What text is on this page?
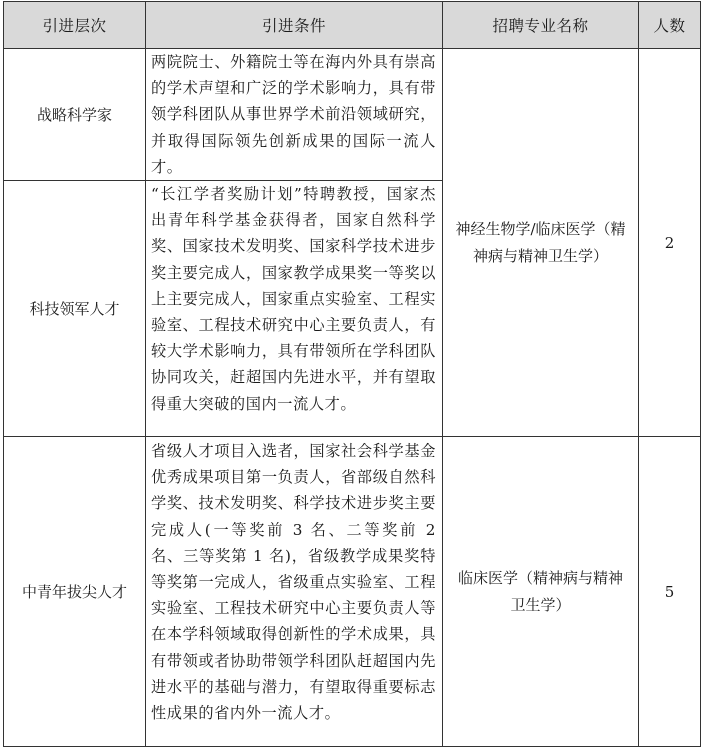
引进层次	引进条件	招聘专业名称	人数
战略科学家	两院院士、外籍院士等在海内外具有崇高的学术声望和广泛的学术影响力，具有带领学科团队从事世界学术前沿领域研究，并取得国际领先创新成果的国际一流人才。	神经生物学/临床医学（精神病与精神卫生学）	2
科技领军人才	“长江学者奖励计划”特聘教授，国家杰出青年科学基金获得者，国家自然科学奖、国家技术发明奖、国家科学技术进步奖主要完成人，国家教学成果奖一等奖以上主要完成人，国家重点实验室、工程实验室、工程技术研究中心主要负责人，有较大学术影响力，具有带领所在学科团队协同攻关，赶超国内先进水平，并有望取得重大突破的国内一流人才。		

中青年拔尖人才	省级人才项目入选者，国家社会科学基金优秀成果项目第一负责人，省部级自然科学奖、技术发明奖、科学技术进步奖主要完成人(一等奖前 3 名、二等奖前 2 名、三等奖第 1 名)，省级教学成果奖特等奖第一完成人，省级重点实验室、工程实验室、工程技术研究中心主要负责人等在本学科领域取得创新性的学术成果，具有带领或者协助带领学科团队赶超国内先进水平的基础与潜力，有望取得重要标志性成果的省内外一流人才。	临床医学（精神病与精神卫生学）	5
